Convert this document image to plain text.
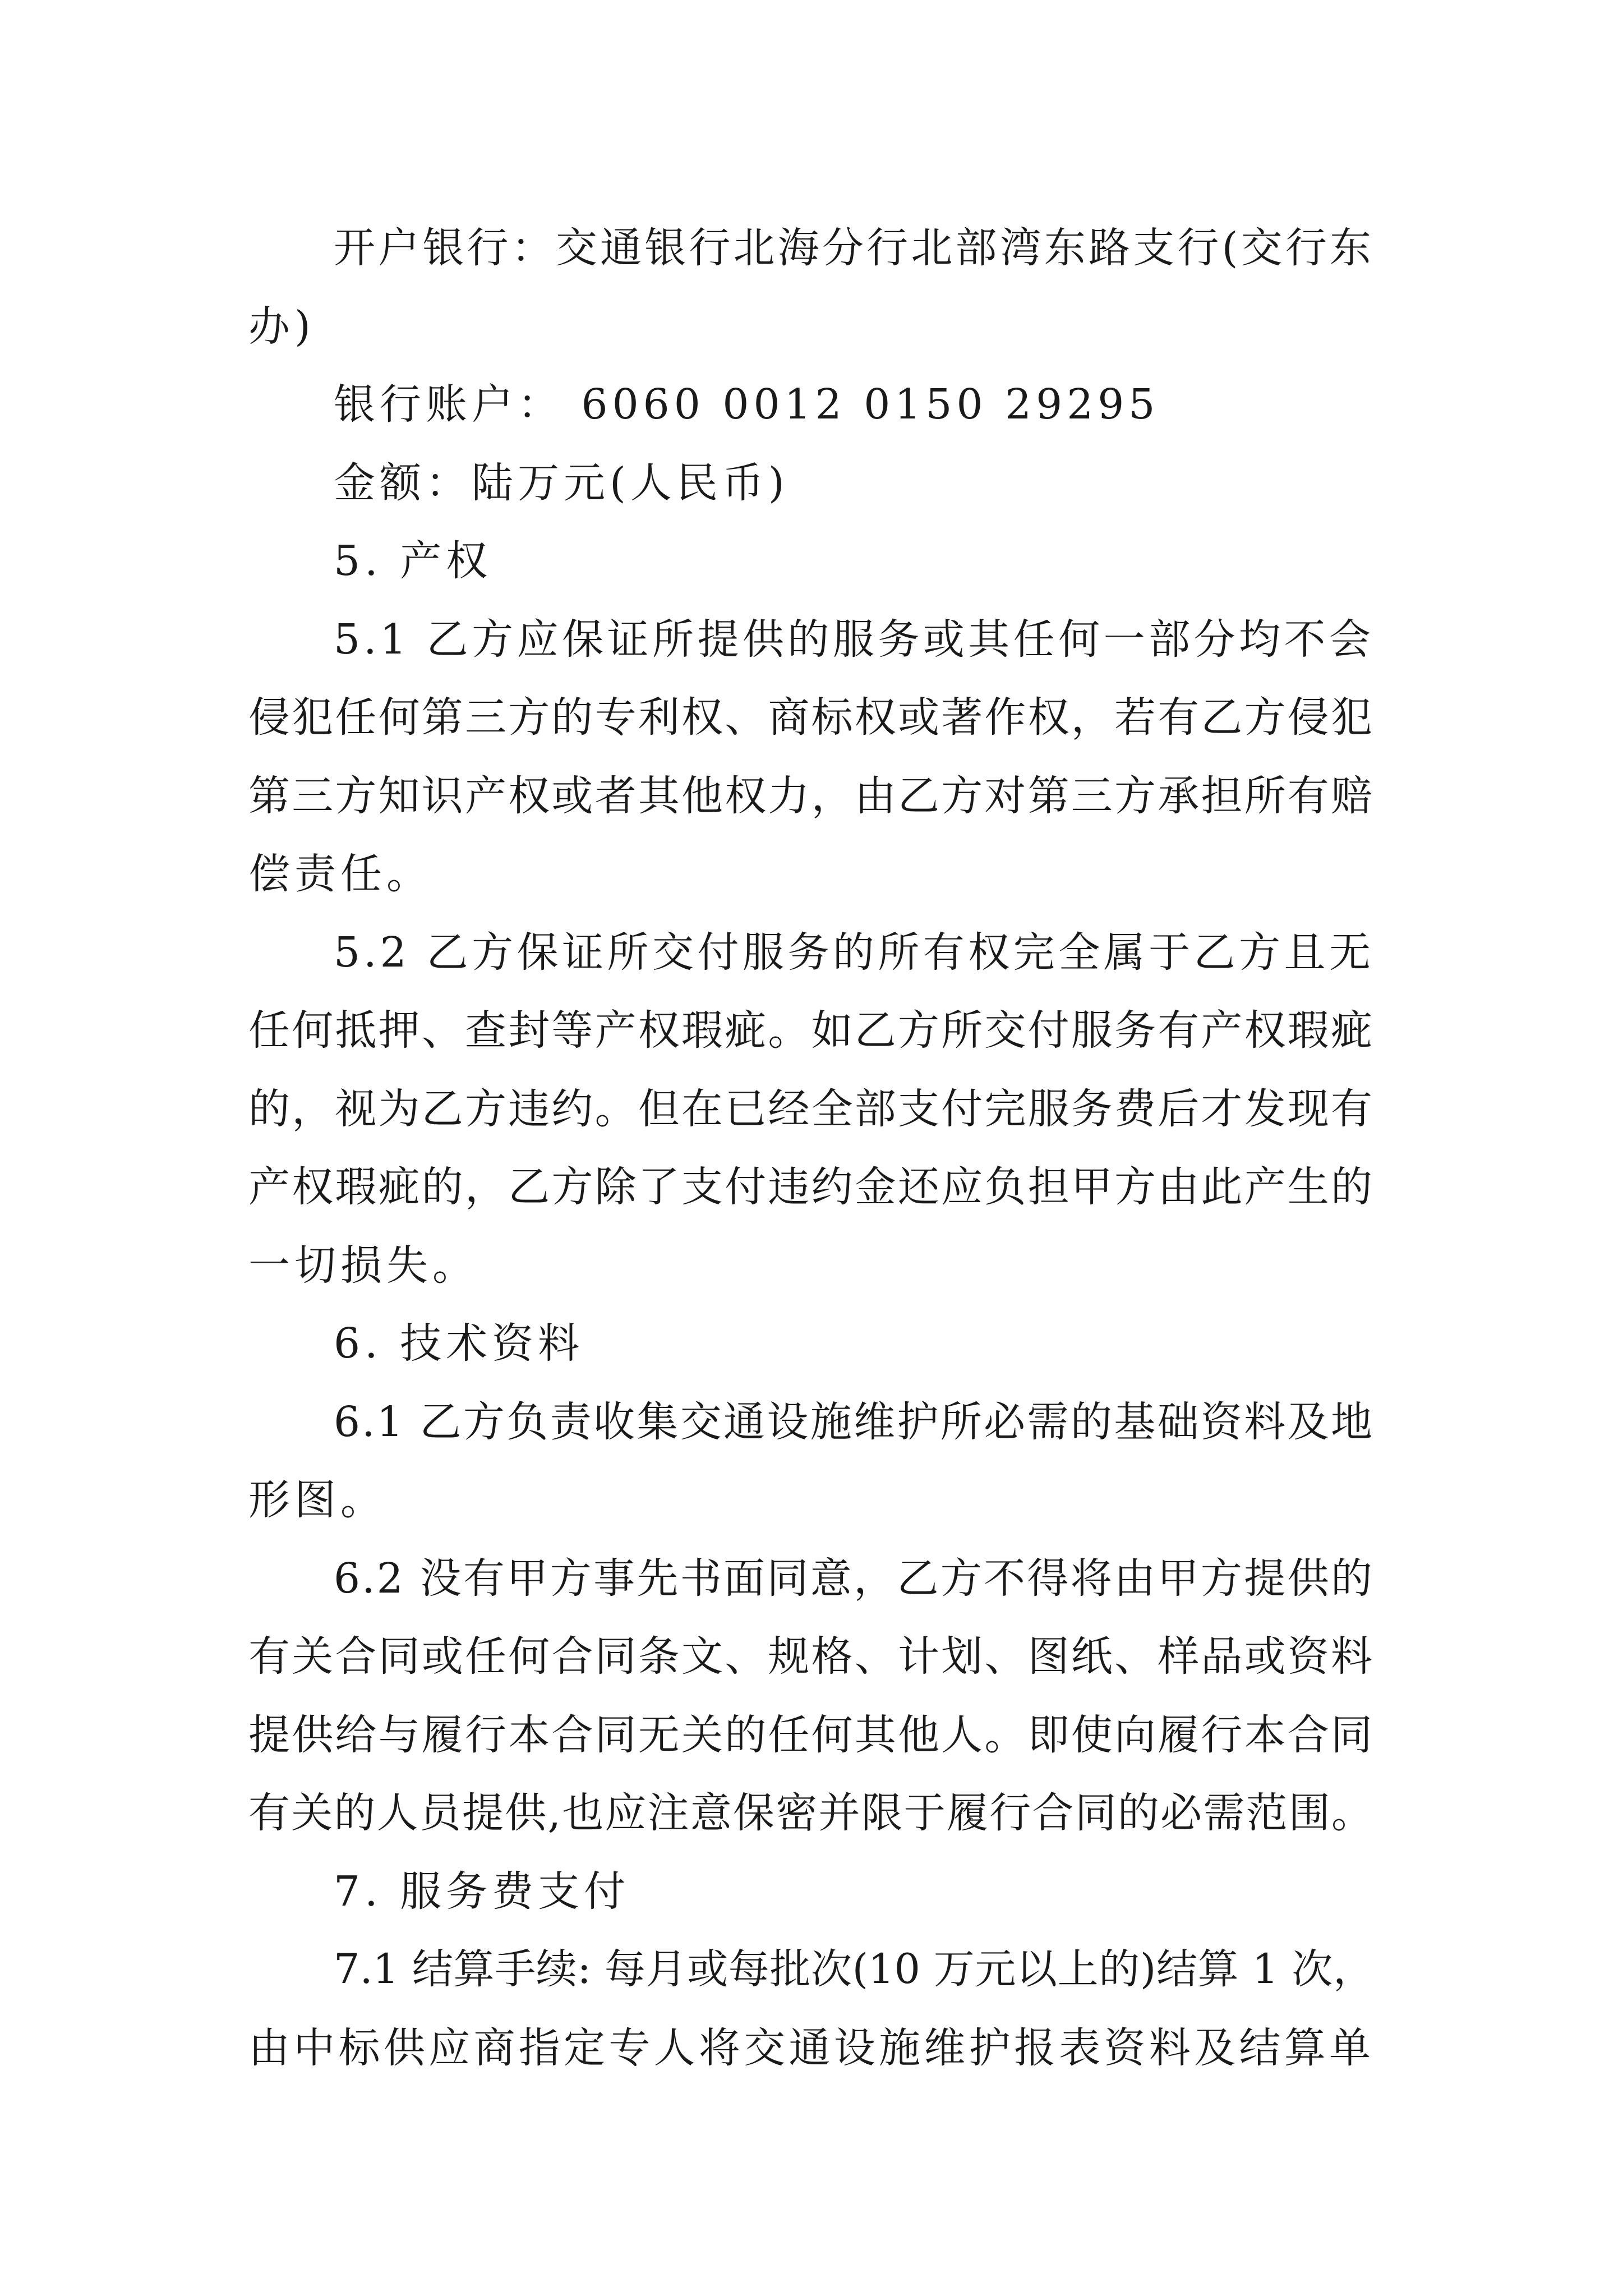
开户银行：交通银行北海分行北部湾东路支行(交行东
办)
银行账户： 6060 0012 0150 29295
金额：陆万元(人民币)
5. 产权
5.1 乙方应保证所提供的服务或其任何一部分均不会
侵犯任何第三方的专利权、商标权或著作权，若有乙方侵犯
第三方知识产权或者其他权力，由乙方对第三方承担所有赔
偿责任。
5.2 乙方保证所交付服务的所有权完全属于乙方且无
任何抵押、查封等产权瑕疵。如乙方所交付服务有产权瑕疵
的，视为乙方违约。但在已经全部支付完服务费后才发现有
产权瑕疵的，乙方除了支付违约金还应负担甲方由此产生的
一切损失。
6. 技术资料
6.1 乙方负责收集交通设施维护所必需的基础资料及地
形图。
6.2 没有甲方事先书面同意，乙方不得将由甲方提供的
有关合同或任何合同条文、规格、计划、图纸、样品或资料
提供给与履行本合同无关的任何其他人。即使向履行本合同
有关的人员提供,也应注意保密并限于履行合同的必需范围。
7. 服务费支付
7.1 结算手续: 每月或每批次(10 万元以上的)结算 1 次，
由中标供应商指定专人将交通设施维护报表资料及结算单
